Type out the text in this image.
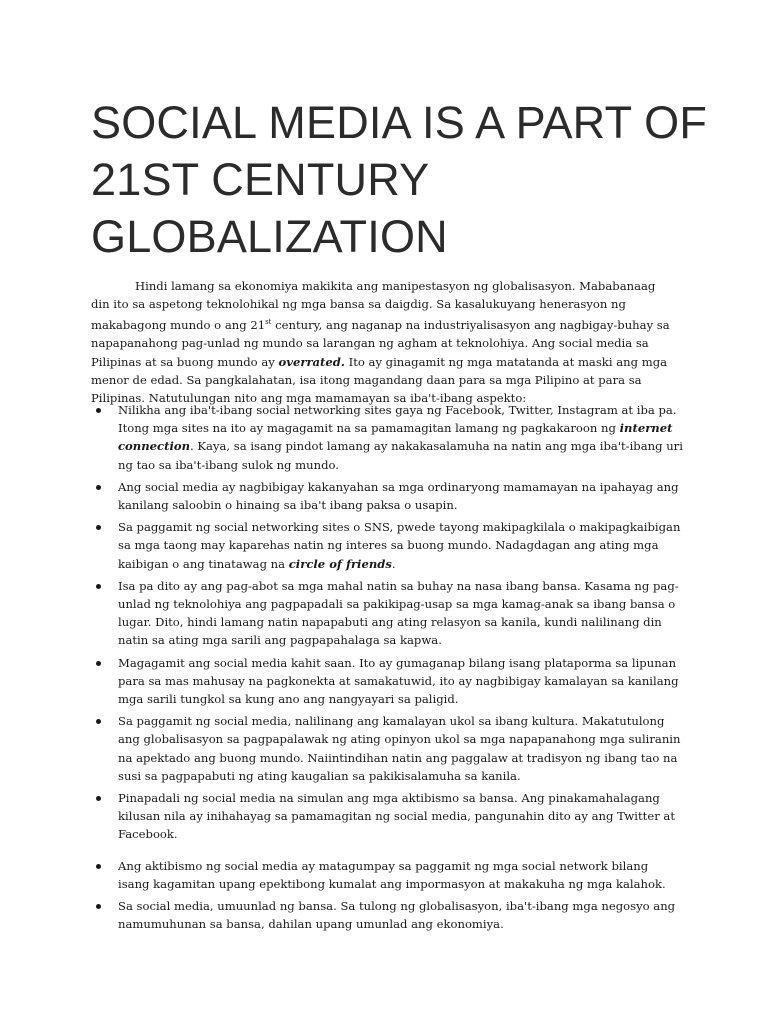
SOCIAL MEDIA IS A PART OF 21ST CENTURY GLOBALIZATION

Hindi lamang sa ekonomiya makikita ang manipestasyon ng globalisasyon. Mababanaag din ito sa aspetong teknolohikal ng mga bansa sa daigdig. Sa kasalukuyang henerasyon ng makabagong mundo o ang 21st century, ang naganap na industriyalisasyon ang nagbigay-buhay sa napapanahong pag-unlad ng mundo sa larangan ng agham at teknolohiya. Ang social media sa Pilipinas at sa buong mundo ay overrated. Ito ay ginagamit ng mga matatanda at maski ang mga menor de edad. Sa pangkalahatan, isa itong magandang daan para sa mga Pilipino at para sa Pilipinas. Natutulungan nito ang mga mamamayan sa iba't-ibang aspekto:

Nilikha ang iba't-ibang social networking sites gaya ng Facebook, Twitter, Instagram at iba pa. Itong mga sites na ito ay magagamit na sa pamamagitan lamang ng pagkakaroon ng internet connection. Kaya, sa isang pindot lamang ay nakakasalamuha na natin ang mga iba't-ibang uri ng tao sa iba't-ibang sulok ng mundo.
Ang social media ay nagbibigay kakanyahan sa mga ordinaryong mamamayan na ipahayag ang kanilang saloobin o hinaing sa iba't ibang paksa o usapin.
Sa paggamit ng social networking sites o SNS, pwede tayong makipagkilala o makipagkaibigan sa mga taong may kaparehas natin ng interes sa buong mundo. Nadagdagan ang ating mga kaibigan o ang tinatawag na circle of friends.
Isa pa dito ay ang pag-abot sa mga mahal natin sa buhay na nasa ibang bansa. Kasama ng pag-unlad ng teknolohiya ang pagpapadali sa pakikipag-usap sa mga kamag-anak sa ibang bansa o lugar. Dito, hindi lamang natin napapabuti ang ating relasyon sa kanila, kundi nalilinang din natin sa ating mga sarili ang pagpapahalaga sa kapwa.
Magagamit ang social media kahit saan. Ito ay gumaganap bilang isang plataporma sa lipunan para sa mas mahusay na pagkonekta at samakatuwid, ito ay nagbibigay kamalayan sa kanilang mga sarili tungkol sa kung ano ang nangyayari sa paligid.
Sa paggamit ng social media, nalilinang ang kamalayan ukol sa ibang kultura. Makatutulong ang globalisasyon sa pagpapalawak ng ating opinyon ukol sa mga napapanahong mga suliranin na apektado ang buong mundo. Naiintindihan natin ang paggalaw at tradisyon ng ibang tao na susi sa pagpapabuti ng ating kaugalian sa pakikisalamuha sa kanila.
Pinapadali ng social media na simulan ang mga aktibismo sa bansa. Ang pinakamahalagang kilusan nila ay inihahayag sa pamamagitan ng social media, pangunahin dito ay ang Twitter at Facebook.
Ang aktibismo ng social media ay matagumpay sa paggamit ng mga social network bilang isang kagamitan upang epektibong kumalat ang impormasyon at makakuha ng mga kalahok.
Sa social media, umuunlad ng bansa. Sa tulong ng globalisasyon, iba't-ibang mga negosyo ang namumuhunan sa bansa, dahilan upang umunlad ang ekonomiya.
